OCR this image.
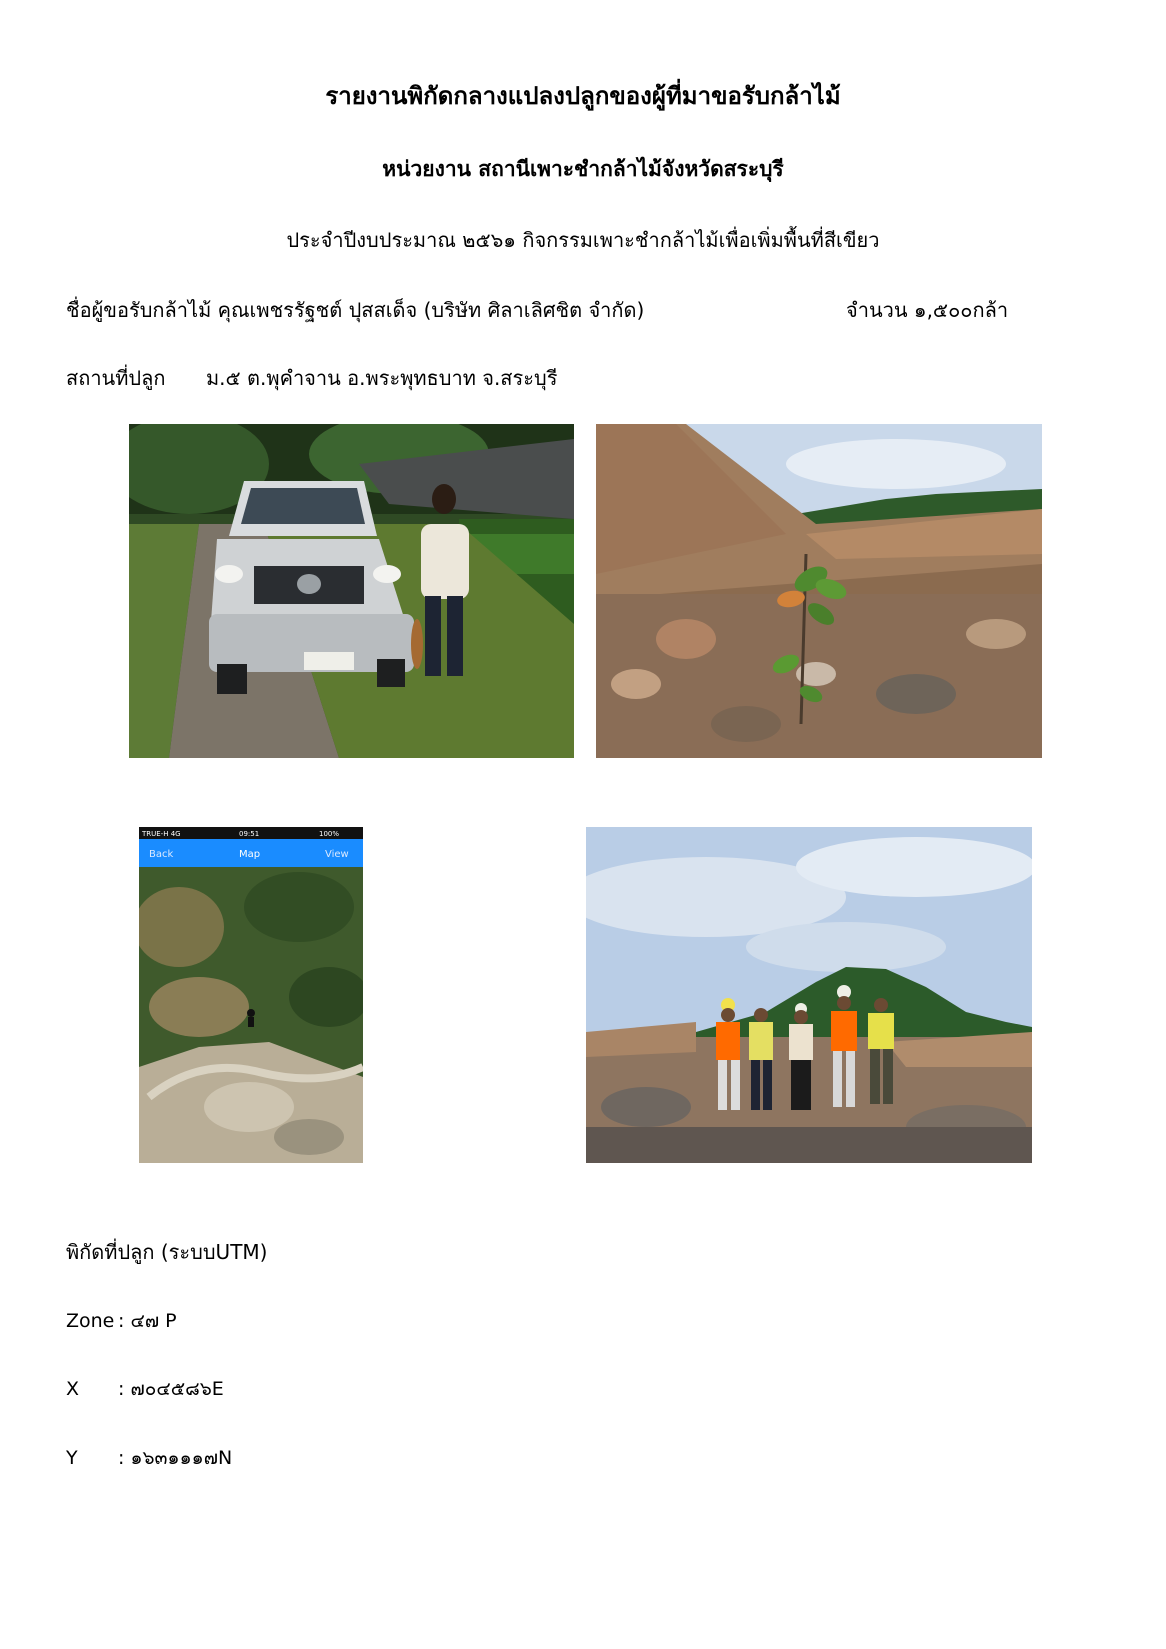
รายงานพิกัดกลางแปลงปลูกของผู้ที่มาขอรับกล้าไม้
หน่วยงาน สถานีเพาะชำกล้าไม้จังหวัดสระบุรี
ประจำปีงบประมาณ ๒๕๖๑ กิจกรรมเพาะชำกล้าไม้เพื่อเพิ่มพื้นที่สีเขียว
ชื่อผู้ขอรับกล้าไม้ คุณเพชรรัฐชต์ ปุสสเด็จ (บริษัท ศิลาเลิศชิต จำกัด)	จำนวน ๑,๕๐๐กล้า
สถานที่ปลูก ม.๕ ต.พุคำจาน อ.พระพุทธบาท จ.สระบุรี
TRUE-H 4G	09:51	100%
Back	Map	View
พิกัดที่ปลูก (ระบบUTM)
Zone : ๔๗ P
X : ๗๐๔๕๘๖E
Y : ๑๖๓๑๑๑๗N
